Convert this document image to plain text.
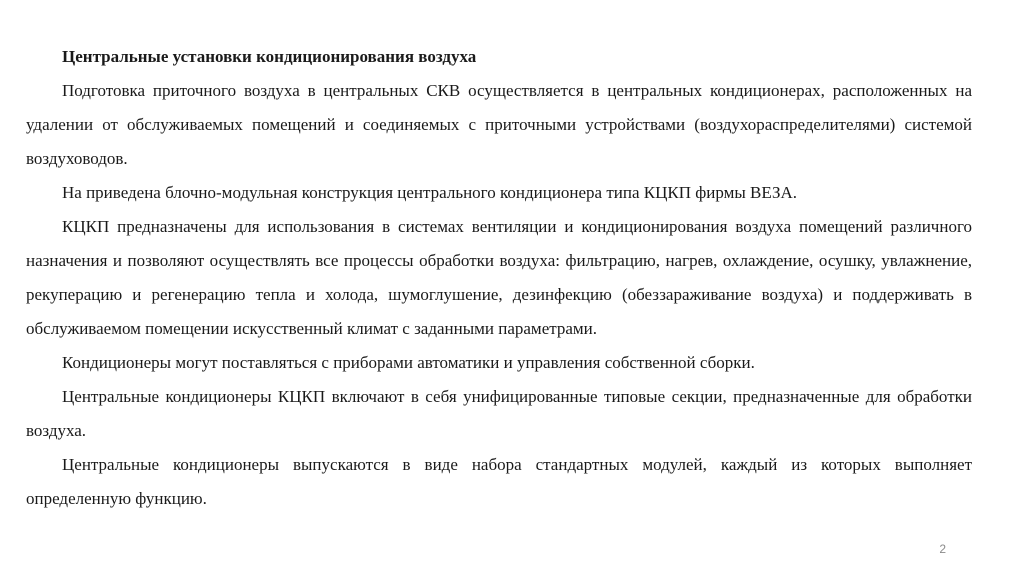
Центральные установки кондиционирования воздуха

Подготовка приточного воздуха в центральных СКВ осуществляется в центральных кондиционерах, расположенных на удалении от обслуживаемых помещений и соединяемых с приточными устройствами (воздухораспределителями) системой воздуховодов.

На приведена блочно-модульная конструкция центрального кондиционера типа КЦКП фирмы ВЕЗА.

КЦКП предназначены для использования в системах вентиляции и кондиционирования воздуха помещений различного назначения и позволяют осуществлять все процессы обработки воздуха: фильтрацию, нагрев, охлаждение, осушку, увлажнение, рекуперацию и регенерацию тепла и холода, шумоглушение, дезинфекцию (обеззараживание воздуха) и поддерживать в обслуживаемом помещении искусственный климат с заданными параметрами.

Кондиционеры могут поставляться с приборами автоматики и управления собственной сборки.

Центральные кондиционеры КЦКП включают в себя унифицированные типовые секции, предназначенные для обработки воздуха.

Центральные кондиционеры выпускаются в виде набора стандартных модулей, каждый из которых выполняет определенную функцию.

2
